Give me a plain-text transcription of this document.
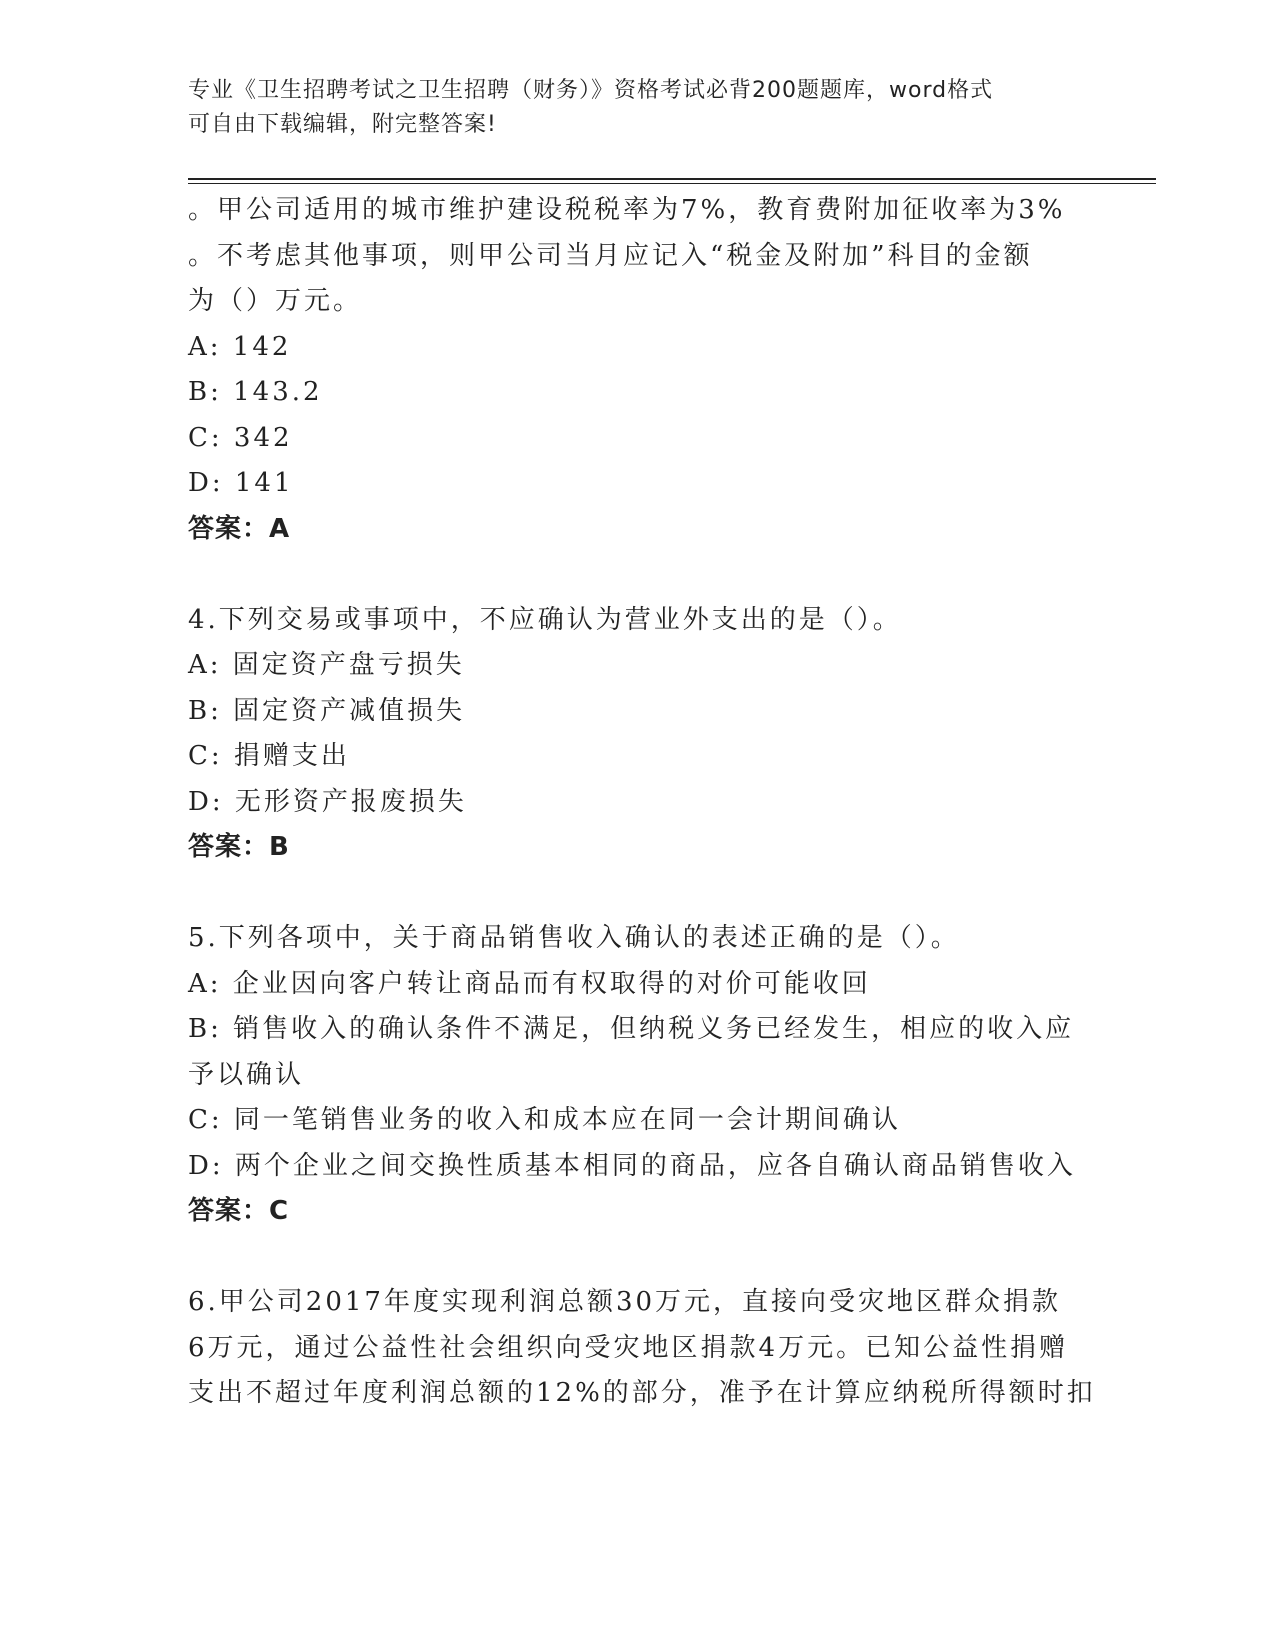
专业《卫生招聘考试之卫生招聘（财务）》资格考试必背200题题库，word格式
可自由下载编辑，附完整答案!
。甲公司适用的城市维护建设税税率为7%，教育费附加征收率为3%
。不考虑其他事项，则甲公司当月应记入“税金及附加”科目的金额
为（）万元。
A: 142
B: 143.2
C: 342
D: 141
答案：A
4.下列交易或事项中，不应确认为营业外支出的是（）。
A: 固定资产盘亏损失
B: 固定资产减值损失
C: 捐赠支出
D: 无形资产报废损失
答案：B
5.下列各项中，关于商品销售收入确认的表述正确的是（）。
A: 企业因向客户转让商品而有权取得的对价可能收回
B: 销售收入的确认条件不满足，但纳税义务已经发生，相应的收入应
予以确认
C: 同一笔销售业务的收入和成本应在同一会计期间确认
D: 两个企业之间交换性质基本相同的商品，应各自确认商品销售收入
答案：C
6.甲公司2017年度实现利润总额30万元，直接向受灾地区群众捐款
6万元，通过公益性社会组织向受灾地区捐款4万元。已知公益性捐赠
支出不超过年度利润总额的12%的部分，准予在计算应纳税所得额时扣
